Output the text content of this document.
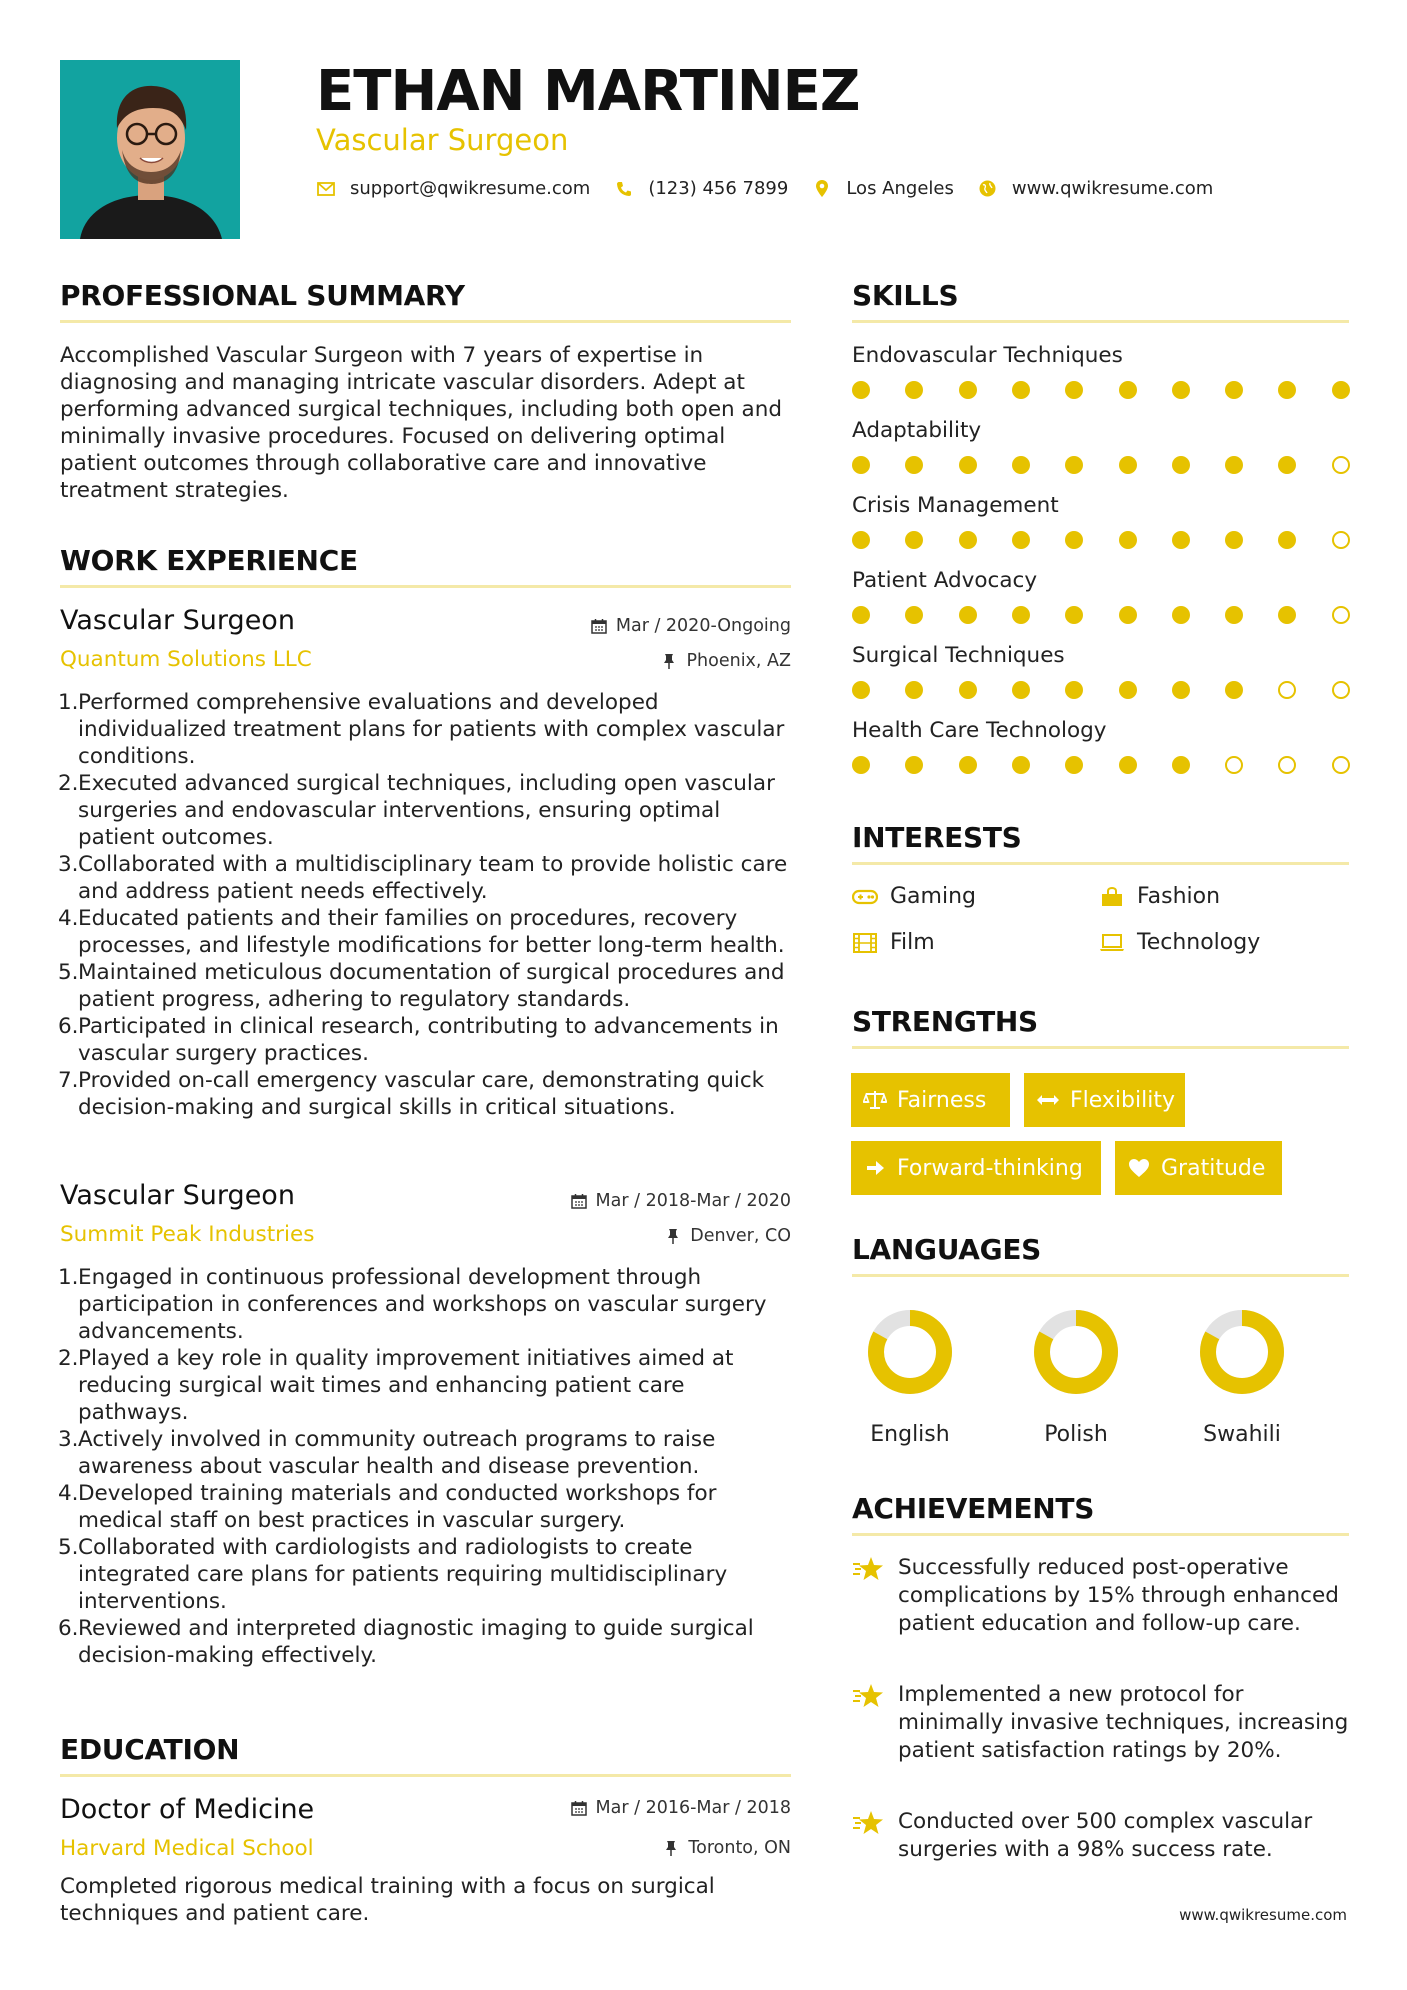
ETHAN MARTINEZ
Vascular Surgeon
support@qwikresume.com	(123) 456 7899	Los Angeles	www.qwikresume.com
PROFESSIONAL SUMMARY
Accomplished Vascular Surgeon with 7 years of expertise in diagnosing and managing intricate vascular disorders. Adept at performing advanced surgical techniques, including both open and minimally invasive procedures. Focused on delivering optimal patient outcomes through collaborative care and innovative treatment strategies.
WORK EXPERIENCE
Vascular Surgeon	Mar / 2020-Ongoing
Quantum Solutions LLC	Phoenix, AZ
1. Performed comprehensive evaluations and developed individualized treatment plans for patients with complex vascular conditions.
2. Executed advanced surgical techniques, including open vascular surgeries and endovascular interventions, ensuring optimal patient outcomes.
3. Collaborated with a multidisciplinary team to provide holistic care and address patient needs effectively.
4. Educated patients and their families on procedures, recovery processes, and lifestyle modifications for better long-term health.
5. Maintained meticulous documentation of surgical procedures and patient progress, adhering to regulatory standards.
6. Participated in clinical research, contributing to advancements in vascular surgery practices.
7. Provided on-call emergency vascular care, demonstrating quick decision-making and surgical skills in critical situations.
Vascular Surgeon	Mar / 2018-Mar / 2020
Summit Peak Industries	Denver, CO
1. Engaged in continuous professional development through participation in conferences and workshops on vascular surgery advancements.
2. Played a key role in quality improvement initiatives aimed at reducing surgical wait times and enhancing patient care pathways.
3. Actively involved in community outreach programs to raise awareness about vascular health and disease prevention.
4. Developed training materials and conducted workshops for medical staff on best practices in vascular surgery.
5. Collaborated with cardiologists and radiologists to create integrated care plans for patients requiring multidisciplinary interventions.
6. Reviewed and interpreted diagnostic imaging to guide surgical decision-making effectively.
EDUCATION
Doctor of Medicine	Mar / 2016-Mar / 2018
Harvard Medical School	Toronto, ON
Completed rigorous medical training with a focus on surgical techniques and patient care.
SKILLS
Endovascular Techniques
Adaptability
Crisis Management
Patient Advocacy
Surgical Techniques
Health Care Technology
INTERESTS
Gaming	Fashion
Film	Technology
STRENGTHS
Fairness	Flexibility
Forward-thinking	Gratitude
LANGUAGES
English	Polish	Swahili
ACHIEVEMENTS
Successfully reduced post-operative complications by 15% through enhanced patient education and follow-up care.
Implemented a new protocol for minimally invasive techniques, increasing patient satisfaction ratings by 20%.
Conducted over 500 complex vascular surgeries with a 98% success rate.
www.qwikresume.com
